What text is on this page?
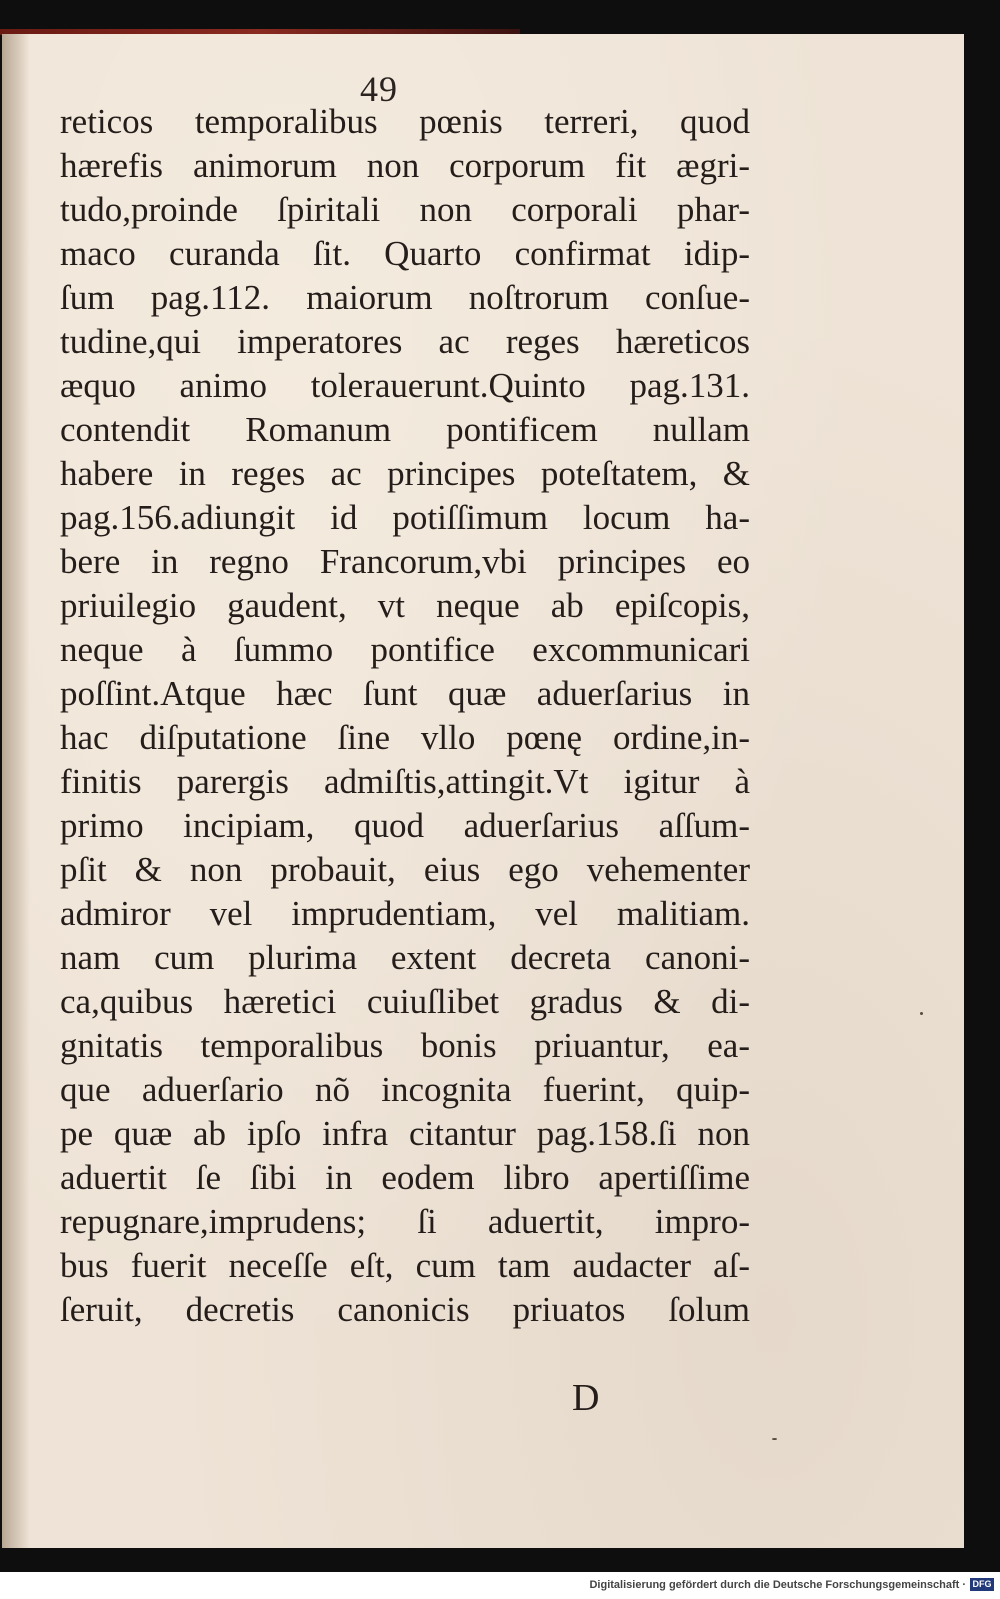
49
reticos temporalibus pœnis terreri, quod
hærefis animorum non corporum fit ægri-
tudo,proinde ſpiritali non corporali phar-
maco curanda ſit. Quarto confirmat idip-
ſum pag.112. maiorum noſtrorum conſue-
tudine,qui imperatores ac reges hæreticos
æquo animo tolerauerunt.Quinto pag.131.
contendit Romanum pontificem nullam
habere in reges ac principes poteſtatem, &
pag.156.adiungit id potiſſimum locum ha-
bere in regno Francorum,vbi principes eo
priuilegio gaudent, vt neque ab epiſcopis,
neque à ſummo pontifice excommunicari
poſſint.Atque hæc ſunt quæ aduerſarius in
hac diſputatione ſine vllo pœnę ordine,in-
finitis parergis admiſtis,attingit.Vt igitur à
primo incipiam, quod aduerſarius aſſum-
pſit & non probauit, eius ego vehementer
admiror vel imprudentiam, vel malitiam.
nam cum plurima extent decreta canoni-
ca,quibus hæretici cuiuſlibet gradus & di-
gnitatis temporalibus bonis priuantur, ea-
que aduerſario nõ incognita fuerint, quip-
pe quæ ab ipſo infra citantur pag.158.ſi non
aduertit ſe ſibi in eodem libro apertiſſime
repugnare,imprudens; ſi aduertit, impro-
bus fuerit neceſſe eſt, cum tam audacter aſ-
ſeruit, decretis canonicis priuatos ſolum
D
Digitalisierung gefördert durch die Deutsche Forschungsgemeinschaft · DFG
